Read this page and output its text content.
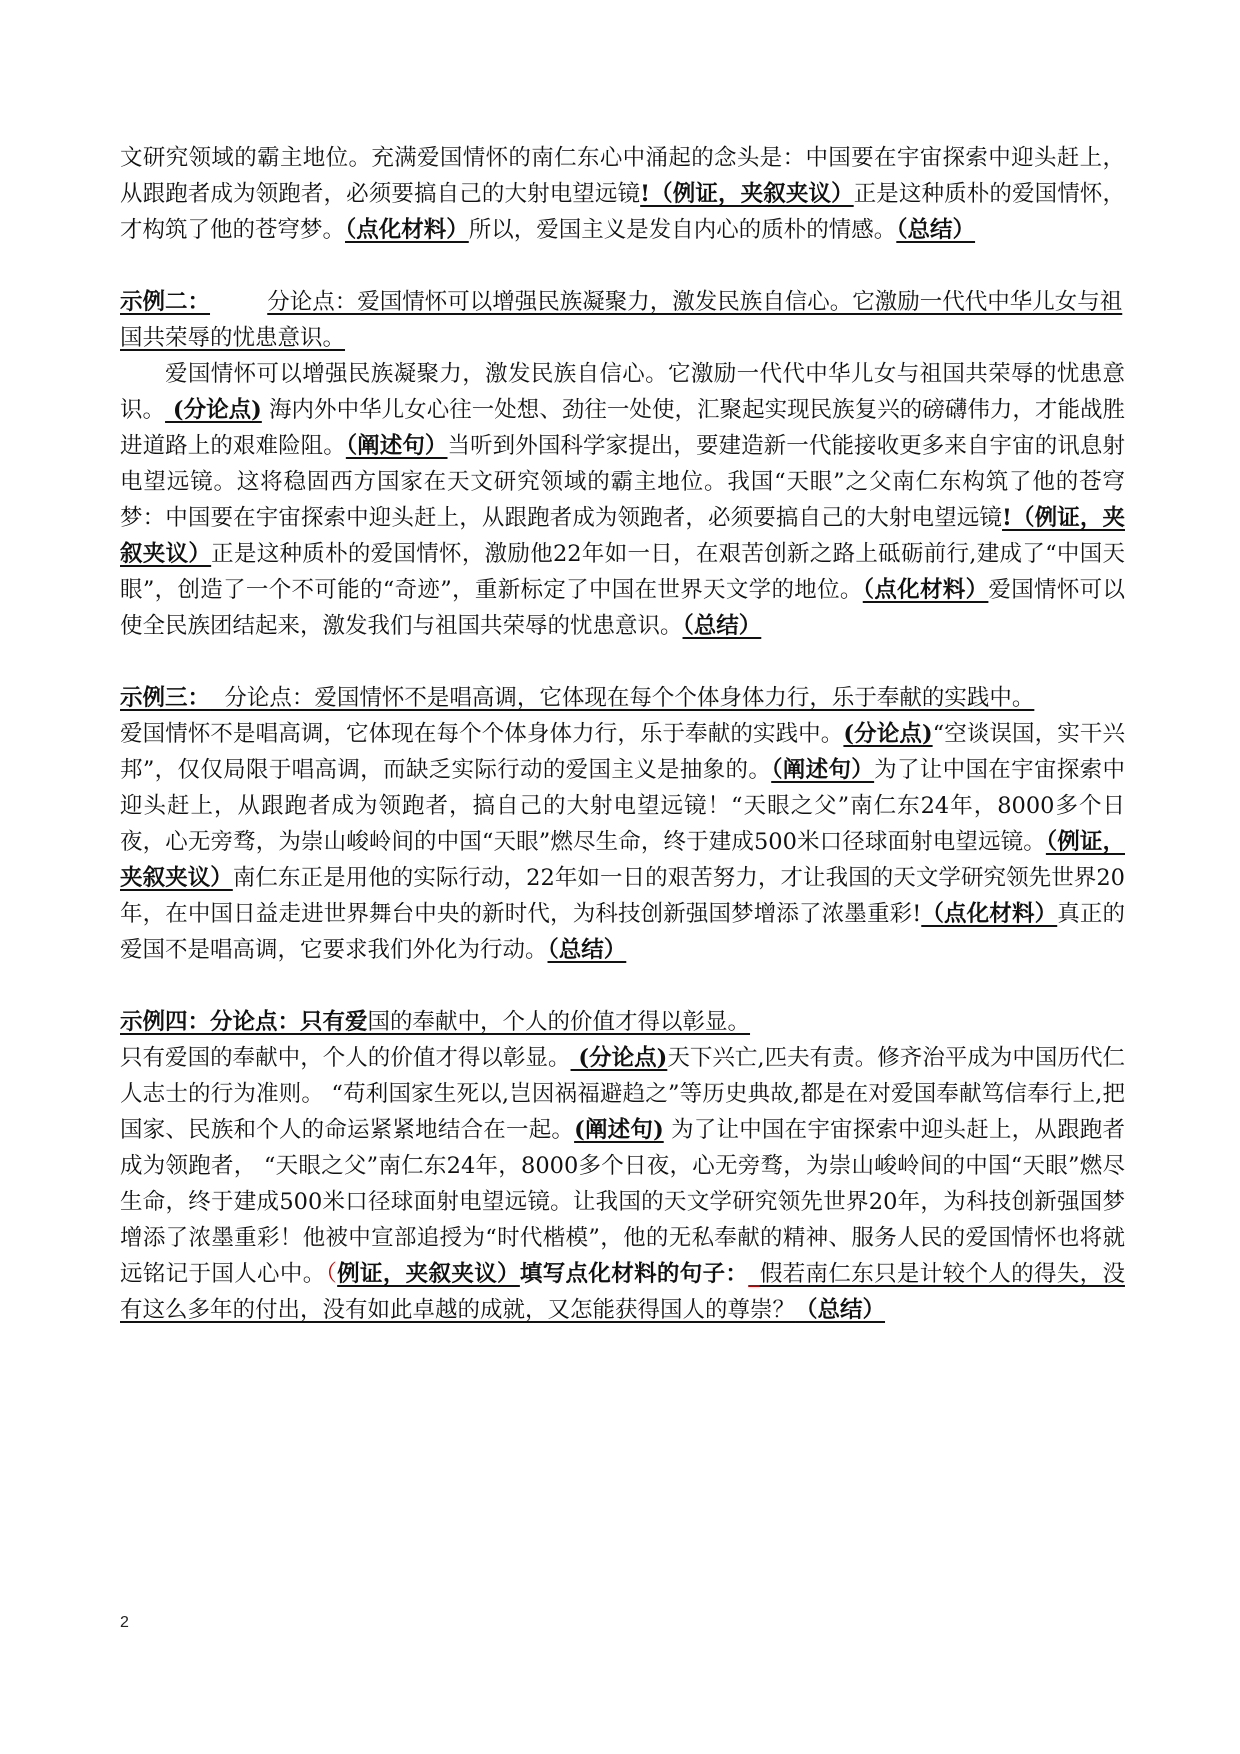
文研究领域的霸主地位。充满爱国情怀的南仁东心中涌起的念头是：中国要在宇宙探索中迎头赶上，从跟跑者成为领跑者，必须要搞自己的大射电望远镜!（例证，夹叙夹议）正是这种质朴的爱国情怀，才构筑了他的苍穹梦。（点化材料）所以，爱国主义是发自内心的质朴的情感。（总结）

示例二：	分论点：爱国情怀可以增强民族凝聚力，激发民族自信心。它激励一代代中华儿女与祖国共荣辱的忧患意识。

爱国情怀可以增强民族凝聚力，激发民族自信心。它激励一代代中华儿女与祖国共荣辱的忧患意识。 (分论点) 海内外中华儿女心往一处想、劲往一处使，汇聚起实现民族复兴的磅礴伟力，才能战胜进道路上的艰难险阻。（阐述句）当听到外国科学家提出，要建造新一代能接收更多来自宇宙的讯息射电望远镜。这将稳固西方国家在天文研究领域的霸主地位。我国“天眼”之父南仁东构筑了他的苍穹梦：中国要在宇宙探索中迎头赶上，从跟跑者成为领跑者，必须要搞自己的大射电望远镜!（例证，夹叙夹议）正是这种质朴的爱国情怀，激励他22年如一日，在艰苦创新之路上砥砺前行,建成了“中国天眼”，创造了一个不可能的“奇迹”，重新标定了中国在世界天文学的地位。（点化材料）爱国情怀可以使全民族团结起来，激发我们与祖国共荣辱的忧患意识。（总结）

示例三：  分论点：爱国情怀不是唱高调，它体现在每个个体身体力行，乐于奉献的实践中。

爱国情怀不是唱高调，它体现在每个个体身体力行，乐于奉献的实践中。(分论点)“空谈误国，实干兴邦”，仅仅局限于唱高调，而缺乏实际行动的爱国主义是抽象的。（阐述句）为了让中国在宇宙探索中迎头赶上，从跟跑者成为领跑者，搞自己的大射电望远镜！“天眼之父”南仁东24年，8000多个日夜，心无旁骛，为崇山峻岭间的中国“天眼”燃尽生命，终于建成500米口径球面射电望远镜。（例证，夹叙夹议）南仁东正是用他的实际行动，22年如一日的艰苦努力，才让我国的天文学研究领先世界20年，在中国日益走进世界舞台中央的新时代，为科技创新强国梦增添了浓墨重彩!（点化材料）真正的爱国不是唱高调，它要求我们外化为行动。（总结）

示例四：分论点：只有爱国的奉献中，个人的价值才得以彰显。

只有爱国的奉献中，个人的价值才得以彰显。 (分论点)天下兴亡,匹夫有责。修齐治平成为中国历代仁人志士的行为准则。 “苟利国家生死以,岂因祸福避趋之”等历史典故,都是在对爱国奉献笃信奉行上,把国家、民族和个人的命运紧紧地结合在一起。(阐述句) 为了让中国在宇宙探索中迎头赶上，从跟跑者成为领跑者， “天眼之父”南仁东24年，8000多个日夜，心无旁骛，为崇山峻岭间的中国“天眼”燃尽生命，终于建成500米口径球面射电望远镜。让我国的天文学研究领先世界20年，为科技创新强国梦增添了浓墨重彩！他被中宣部追授为“时代楷模”，他的无私奉献的精神、服务人民的爱国情怀也将就远铭记于国人心中。（例证，夹叙夹议）填写点化材料的句子：_假若南仁东只是计较个人的得失，没有这么多年的付出，没有如此卓越的成就，又怎能获得国人的尊崇？（总结）

2
